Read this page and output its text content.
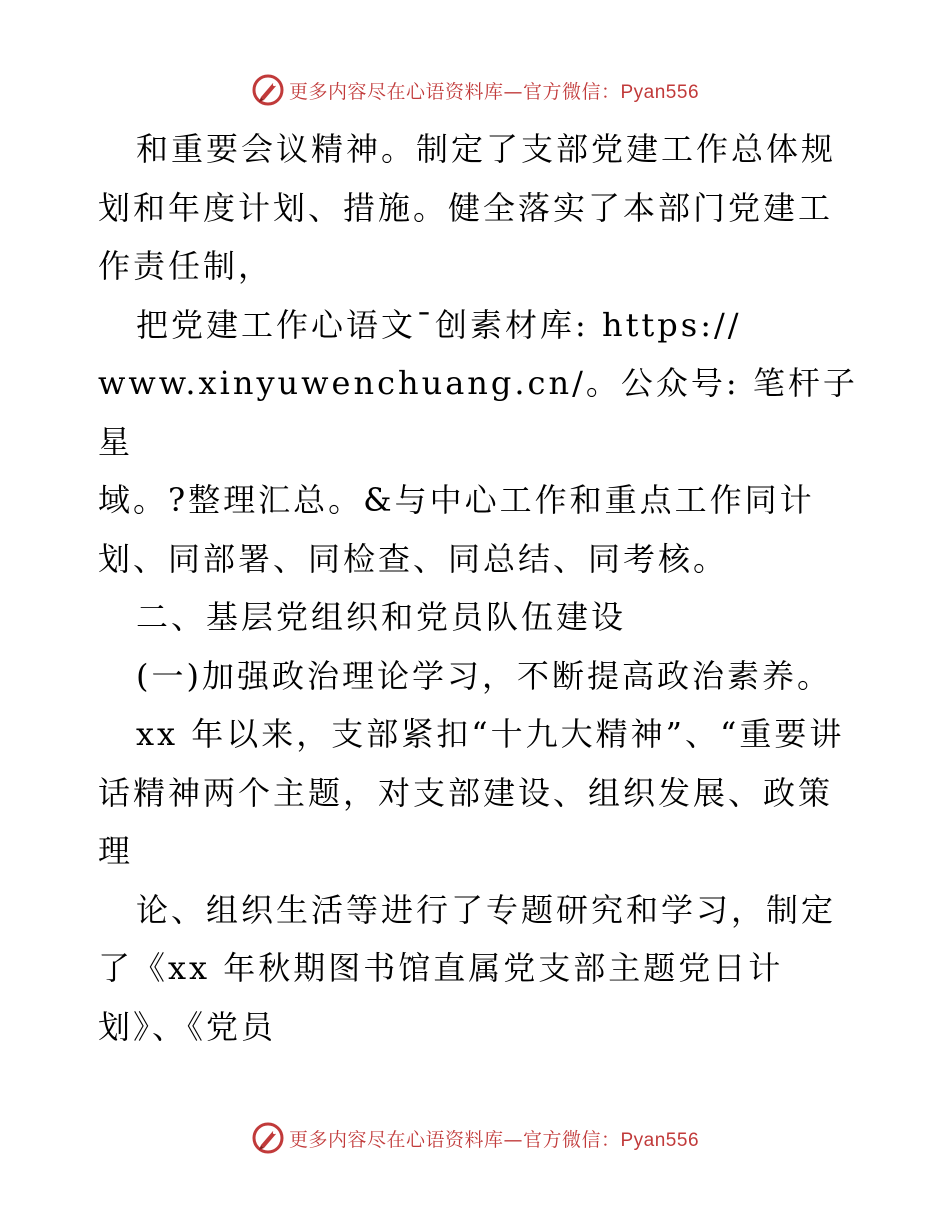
更多内容尽在心语资料库—官方微信：Pyan556

和重要会议精神。制定了支部党建工作总体规划和年度计划、措施。健全落实了本部门党建工作责任制，

把党建工作心语文¯创素材库: https://
www.xinyuwenchuang.cn/。公众号: 笔杆子星
域。?整理汇总。&与中心工作和重点工作同计划、同部署、同检查、同总结、同考核。

二、基层党组织和党员队伍建设

(一)加强政治理论学习，不断提高政治素养。

xx 年以来，支部紧扣“十九大精神”、“重要讲话精神两个主题，对支部建设、组织发展、政策理

论、组织生活等进行了专题研究和学习，制定了《xx 年秋期图书馆直属党支部主题党日计划》、《党员

更多内容尽在心语资料库—官方微信：Pyan556
